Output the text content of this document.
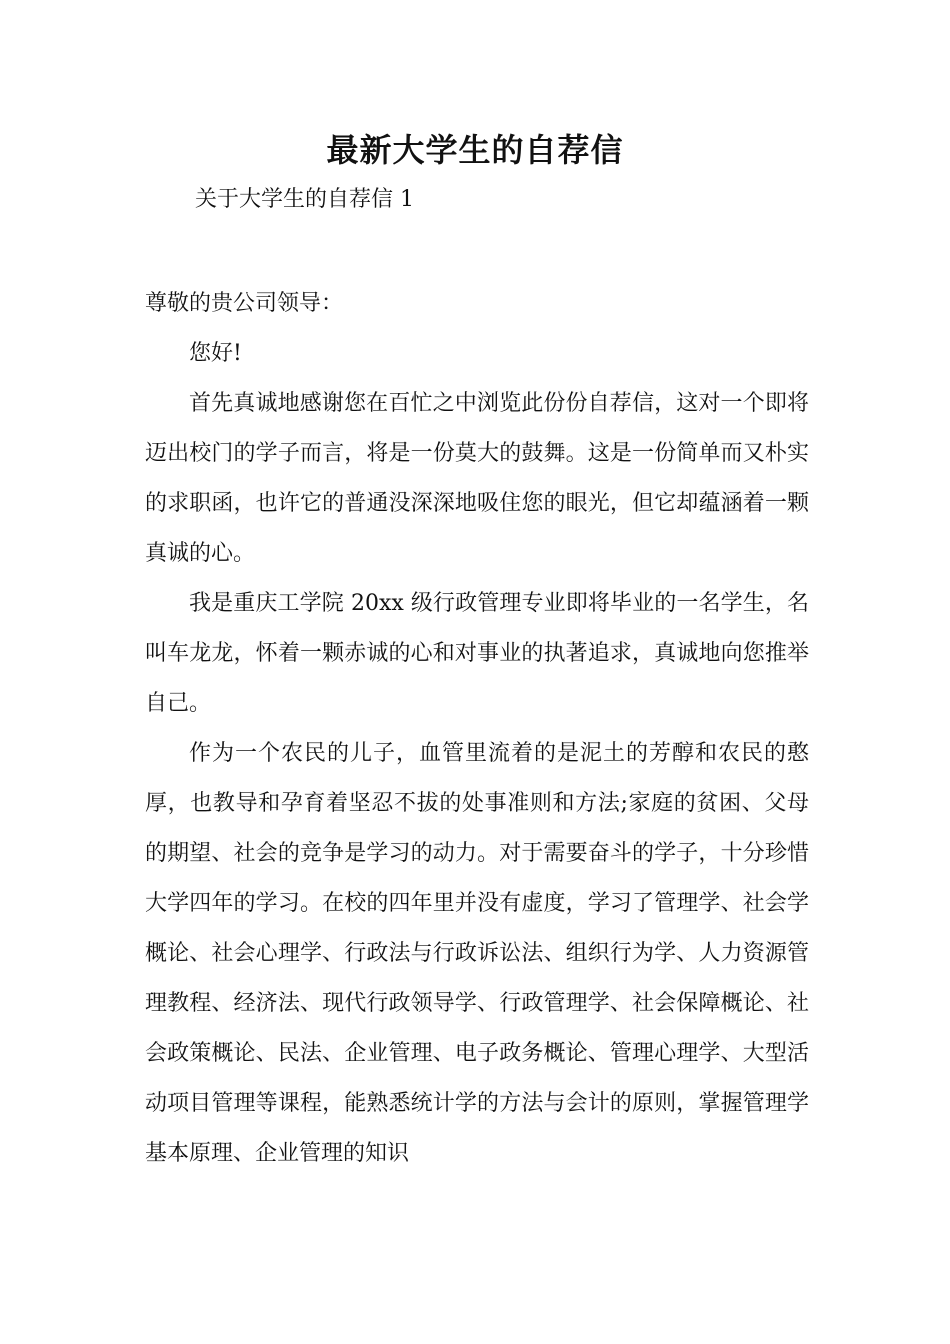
最新大学生的自荐信

关于大学生的自荐信 1

尊敬的贵公司领导：

您好!

首先真诚地感谢您在百忙之中浏览此份份自荐信，这对一个即将迈出校门的学子而言，将是一份莫大的鼓舞。这是一份简单而又朴实的求职函，也许它的普通没深深地吸住您的眼光，但它却蕴涵着一颗真诚的心。

我是重庆工学院 20xx 级行政管理专业即将毕业的一名学生，名叫车龙龙，怀着一颗赤诚的心和对事业的执著追求，真诚地向您推举自己。

作为一个农民的儿子，血管里流着的是泥土的芳醇和农民的憨厚，也教导和孕育着坚忍不拔的处事准则和方法;家庭的贫困、父母的期望、社会的竞争是学习的动力。对于需要奋斗的学子，十分珍惜大学四年的学习。在校的四年里并没有虚度，学习了管理学、社会学概论、社会心理学、行政法与行政诉讼法、组织行为学、人力资源管理教程、经济法、现代行政领导学、行政管理学、社会保障概论、社会政策概论、民法、企业管理、电子政务概论、管理心理学、大型活动项目管理等课程，能熟悉统计学的方法与会计的原则，掌握管理学基本原理、企业管理的知识
